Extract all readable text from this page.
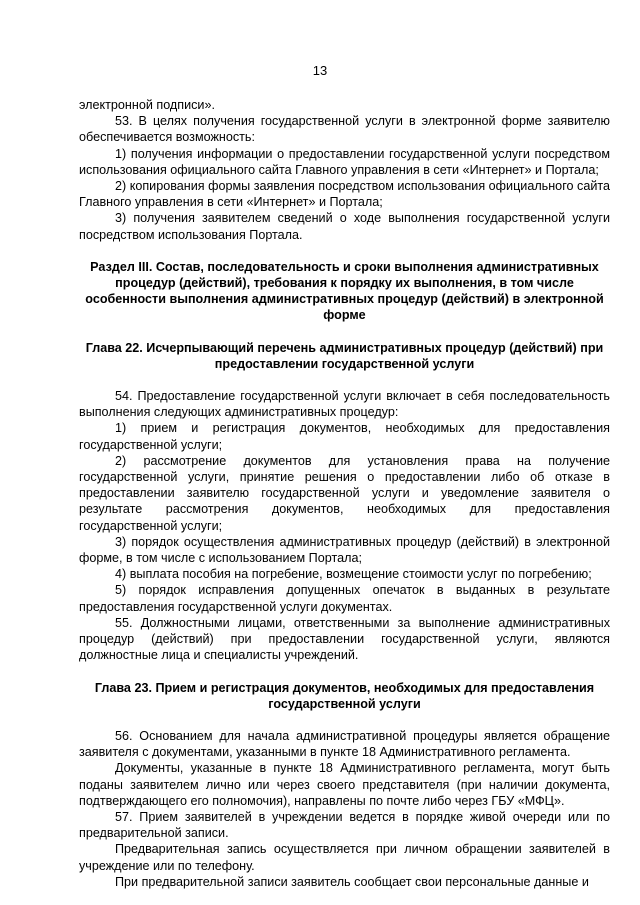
13

электронной подписи».

53. В целях получения государственной услуги в электронной форме заявителю обеспечивается возможность:

1) получения информации о предоставлении государственной услуги посредством использования официального сайта Главного управления в сети «Интернет» и Портала;

2) копирования формы заявления посредством использования официального сайта Главного управления в сети «Интернет» и Портала;

3) получения заявителем сведений о ходе выполнения государственной услуги посредством использования Портала.

Раздел III. Состав, последовательность и сроки выполнения административных процедур (действий), требования к порядку их выполнения, в том числе особенности выполнения административных процедур (действий) в электронной форме

Глава 22. Исчерпывающий перечень административных процедур (действий) при предоставлении государственной услуги

54. Предоставление государственной услуги включает в себя последовательность выполнения следующих административных процедур:

1) прием и регистрация документов, необходимых для предоставления государственной услуги;

2) рассмотрение документов для установления права на получение государственной услуги, принятие решения о предоставлении либо об отказе в предоставлении заявителю государственной услуги и уведомление заявителя о результате рассмотрения документов, необходимых для предоставления государственной услуги;

3) порядок осуществления административных процедур (действий) в электронной форме, в том числе с использованием Портала;

4) выплата пособия на погребение, возмещение стоимости услуг по погребению;

5) порядок исправления допущенных опечаток в выданных в результате предоставления государственной услуги документах.

55. Должностными лицами, ответственными за выполнение административных процедур (действий) при предоставлении государственной услуги, являются должностные лица и специалисты учреждений.

Глава 23. Прием и регистрация документов, необходимых для предоставления государственной услуги

56. Основанием для начала административной процедуры является обращение заявителя с документами, указанными в пункте 18 Административного регламента.

Документы, указанные в пункте 18 Административного регламента, могут быть поданы заявителем лично или через своего представителя (при наличии документа, подтверждающего его полномочия), направлены по почте либо через ГБУ «МФЦ».

57. Прием заявителей в учреждении ведется в порядке живой очереди или по предварительной записи.

Предварительная запись осуществляется при личном обращении заявителей в учреждение или по телефону.

При предварительной записи заявитель сообщает свои персональные данные и
